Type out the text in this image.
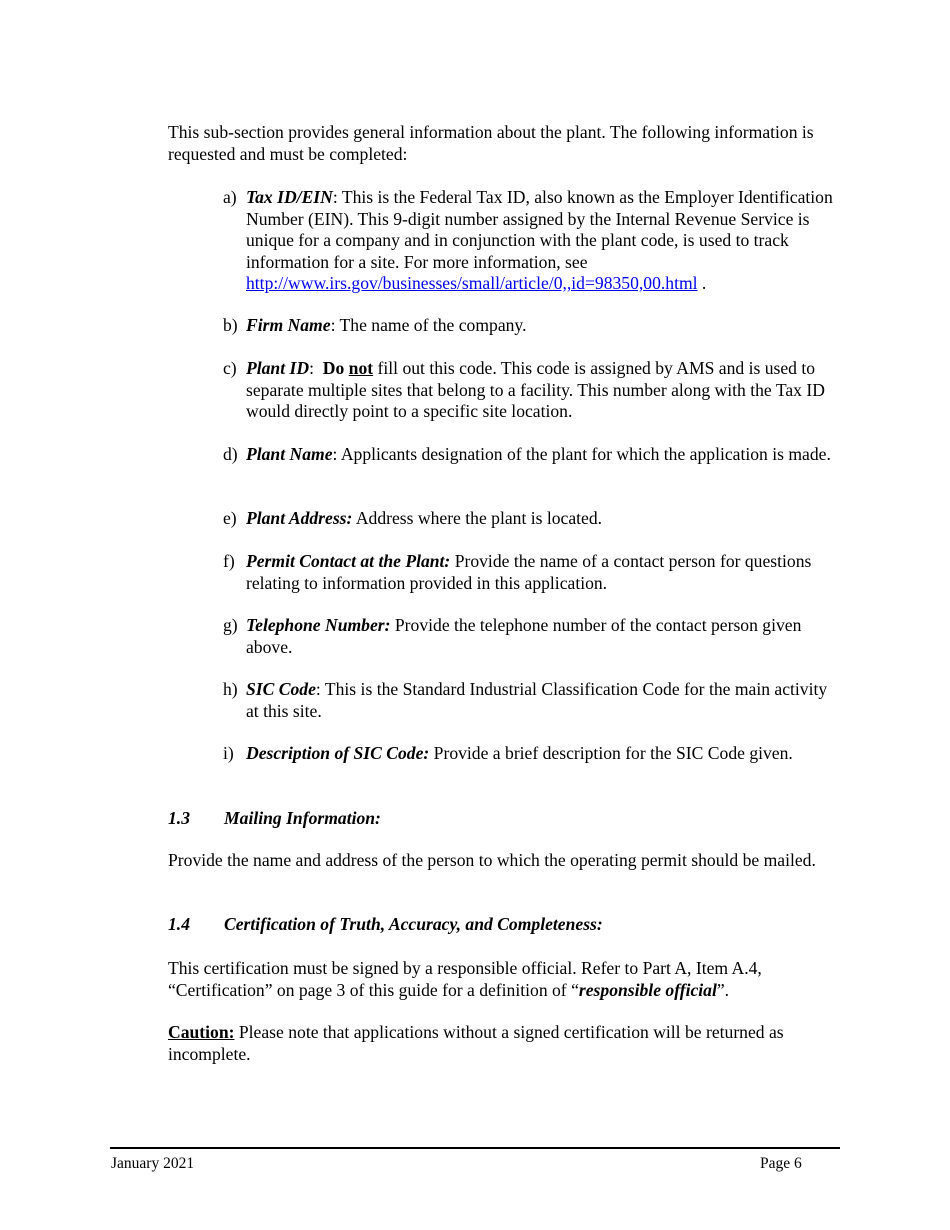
This sub-section provides general information about the plant. The following information is requested and must be completed:

a) Tax ID/EIN: This is the Federal Tax ID, also known as the Employer Identification Number (EIN). This 9-digit number assigned by the Internal Revenue Service is unique for a company and in conjunction with the plant code, is used to track information for a site. For more information, see http://www.irs.gov/businesses/small/article/0,,id=98350,00.html .
b) Firm Name: The name of the company.
c) Plant ID: Do not fill out this code. This code is assigned by AMS and is used to separate multiple sites that belong to a facility. This number along with the Tax ID would directly point to a specific site location.
d) Plant Name: Applicants designation of the plant for which the application is made.
e) Plant Address: Address where the plant is located.
f) Permit Contact at the Plant: Provide the name of a contact person for questions relating to information provided in this application.
g) Telephone Number: Provide the telephone number of the contact person given above.
h) SIC Code: This is the Standard Industrial Classification Code for the main activity at this site.
i) Description of SIC Code: Provide a brief description for the SIC Code given.
1.3 Mailing Information:

Provide the name and address of the person to which the operating permit should be mailed.

1.4 Certification of Truth, Accuracy, and Completeness:

This certification must be signed by a responsible official. Refer to Part A, Item A.4, “Certification” on page 3 of this guide for a definition of “responsible official”.

Caution: Please note that applications without a signed certification will be returned as incomplete.

January 2021	Page 6
